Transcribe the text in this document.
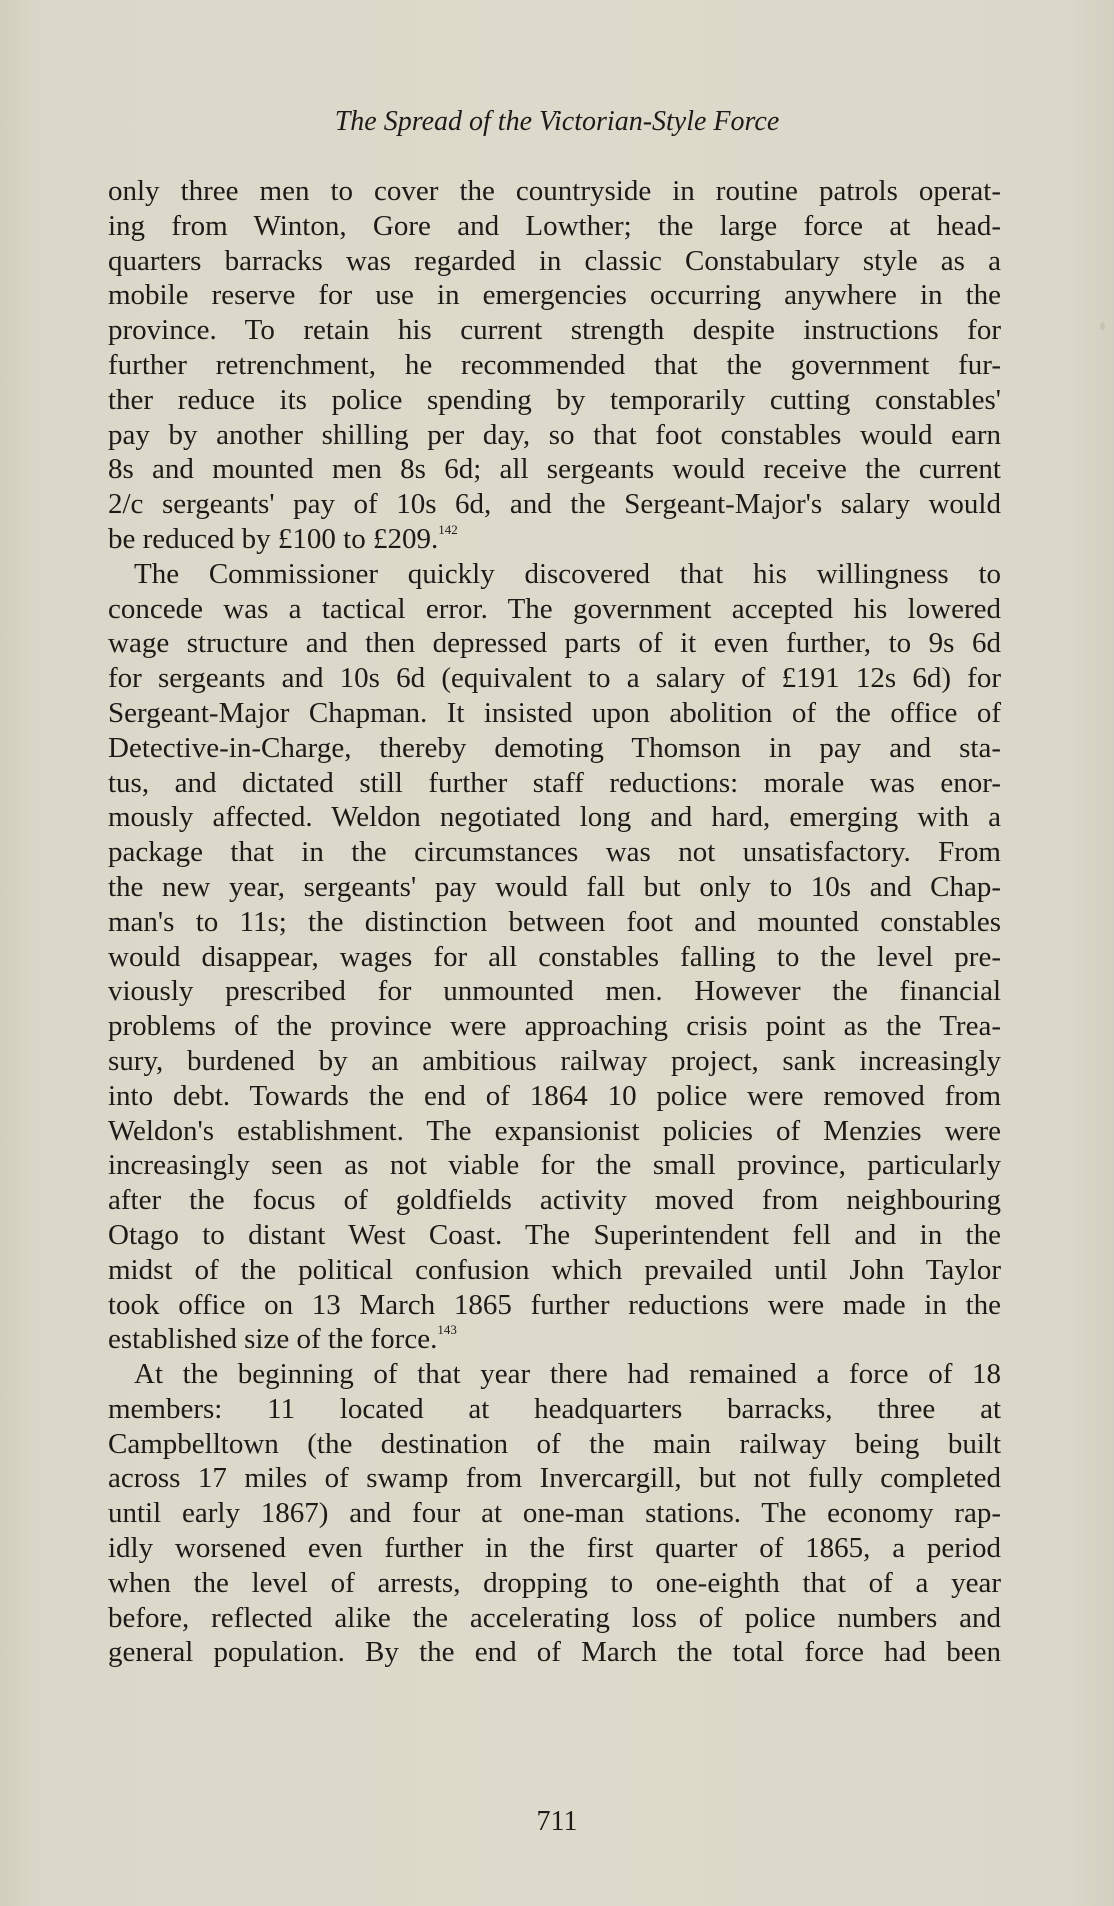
The Spread of the Victorian-Style Force
only three men to cover the countryside in routine patrols operat-
ing from Winton, Gore and Lowther; the large force at head-
quarters barracks was regarded in classic Constabulary style as a
mobile reserve for use in emergencies occurring anywhere in the
province. To retain his current strength despite instructions for
further retrenchment, he recommended that the government fur-
ther reduce its police spending by temporarily cutting constables'
pay by another shilling per day, so that foot constables would earn
8s and mounted men 8s 6d; all sergeants would receive the current
2/c sergeants' pay of 10s 6d, and the Sergeant-Major's salary would
be reduced by £100 to £209.$^{142}$
The Commissioner quickly discovered that his willingness to
concede was a tactical error. The government accepted his lowered
wage structure and then depressed parts of it even further, to 9s 6d
for sergeants and 10s 6d (equivalent to a salary of £191 12s 6d) for
Sergeant-Major Chapman. It insisted upon abolition of the office of
Detective-in-Charge, thereby demoting Thomson in pay and sta-
tus, and dictated still further staff reductions: morale was enor-
mously affected. Weldon negotiated long and hard, emerging with a
package that in the circumstances was not unsatisfactory. From
the new year, sergeants' pay would fall but only to 10s and Chap-
man's to 11s; the distinction between foot and mounted constables
would disappear, wages for all constables falling to the level pre-
viously prescribed for unmounted men. However the financial
problems of the province were approaching crisis point as the Trea-
sury, burdened by an ambitious railway project, sank increasingly
into debt. Towards the end of 1864 10 police were removed from
Weldon's establishment. The expansionist policies of Menzies were
increasingly seen as not viable for the small province, particularly
after the focus of goldfields activity moved from neighbouring
Otago to distant West Coast. The Superintendent fell and in the
midst of the political confusion which prevailed until John Taylor
took office on 13 March 1865 further reductions were made in the
established size of the force.$^{143}$
At the beginning of that year there had remained a force of 18
members: 11 located at headquarters barracks, three at
Campbelltown (the destination of the main railway being built
across 17 miles of swamp from Invercargill, but not fully completed
until early 1867) and four at one-man stations. The economy rap-
idly worsened even further in the first quarter of 1865, a period
when the level of arrests, dropping to one-eighth that of a year
before, reflected alike the accelerating loss of police numbers and
general population. By the end of March the total force had been
711
